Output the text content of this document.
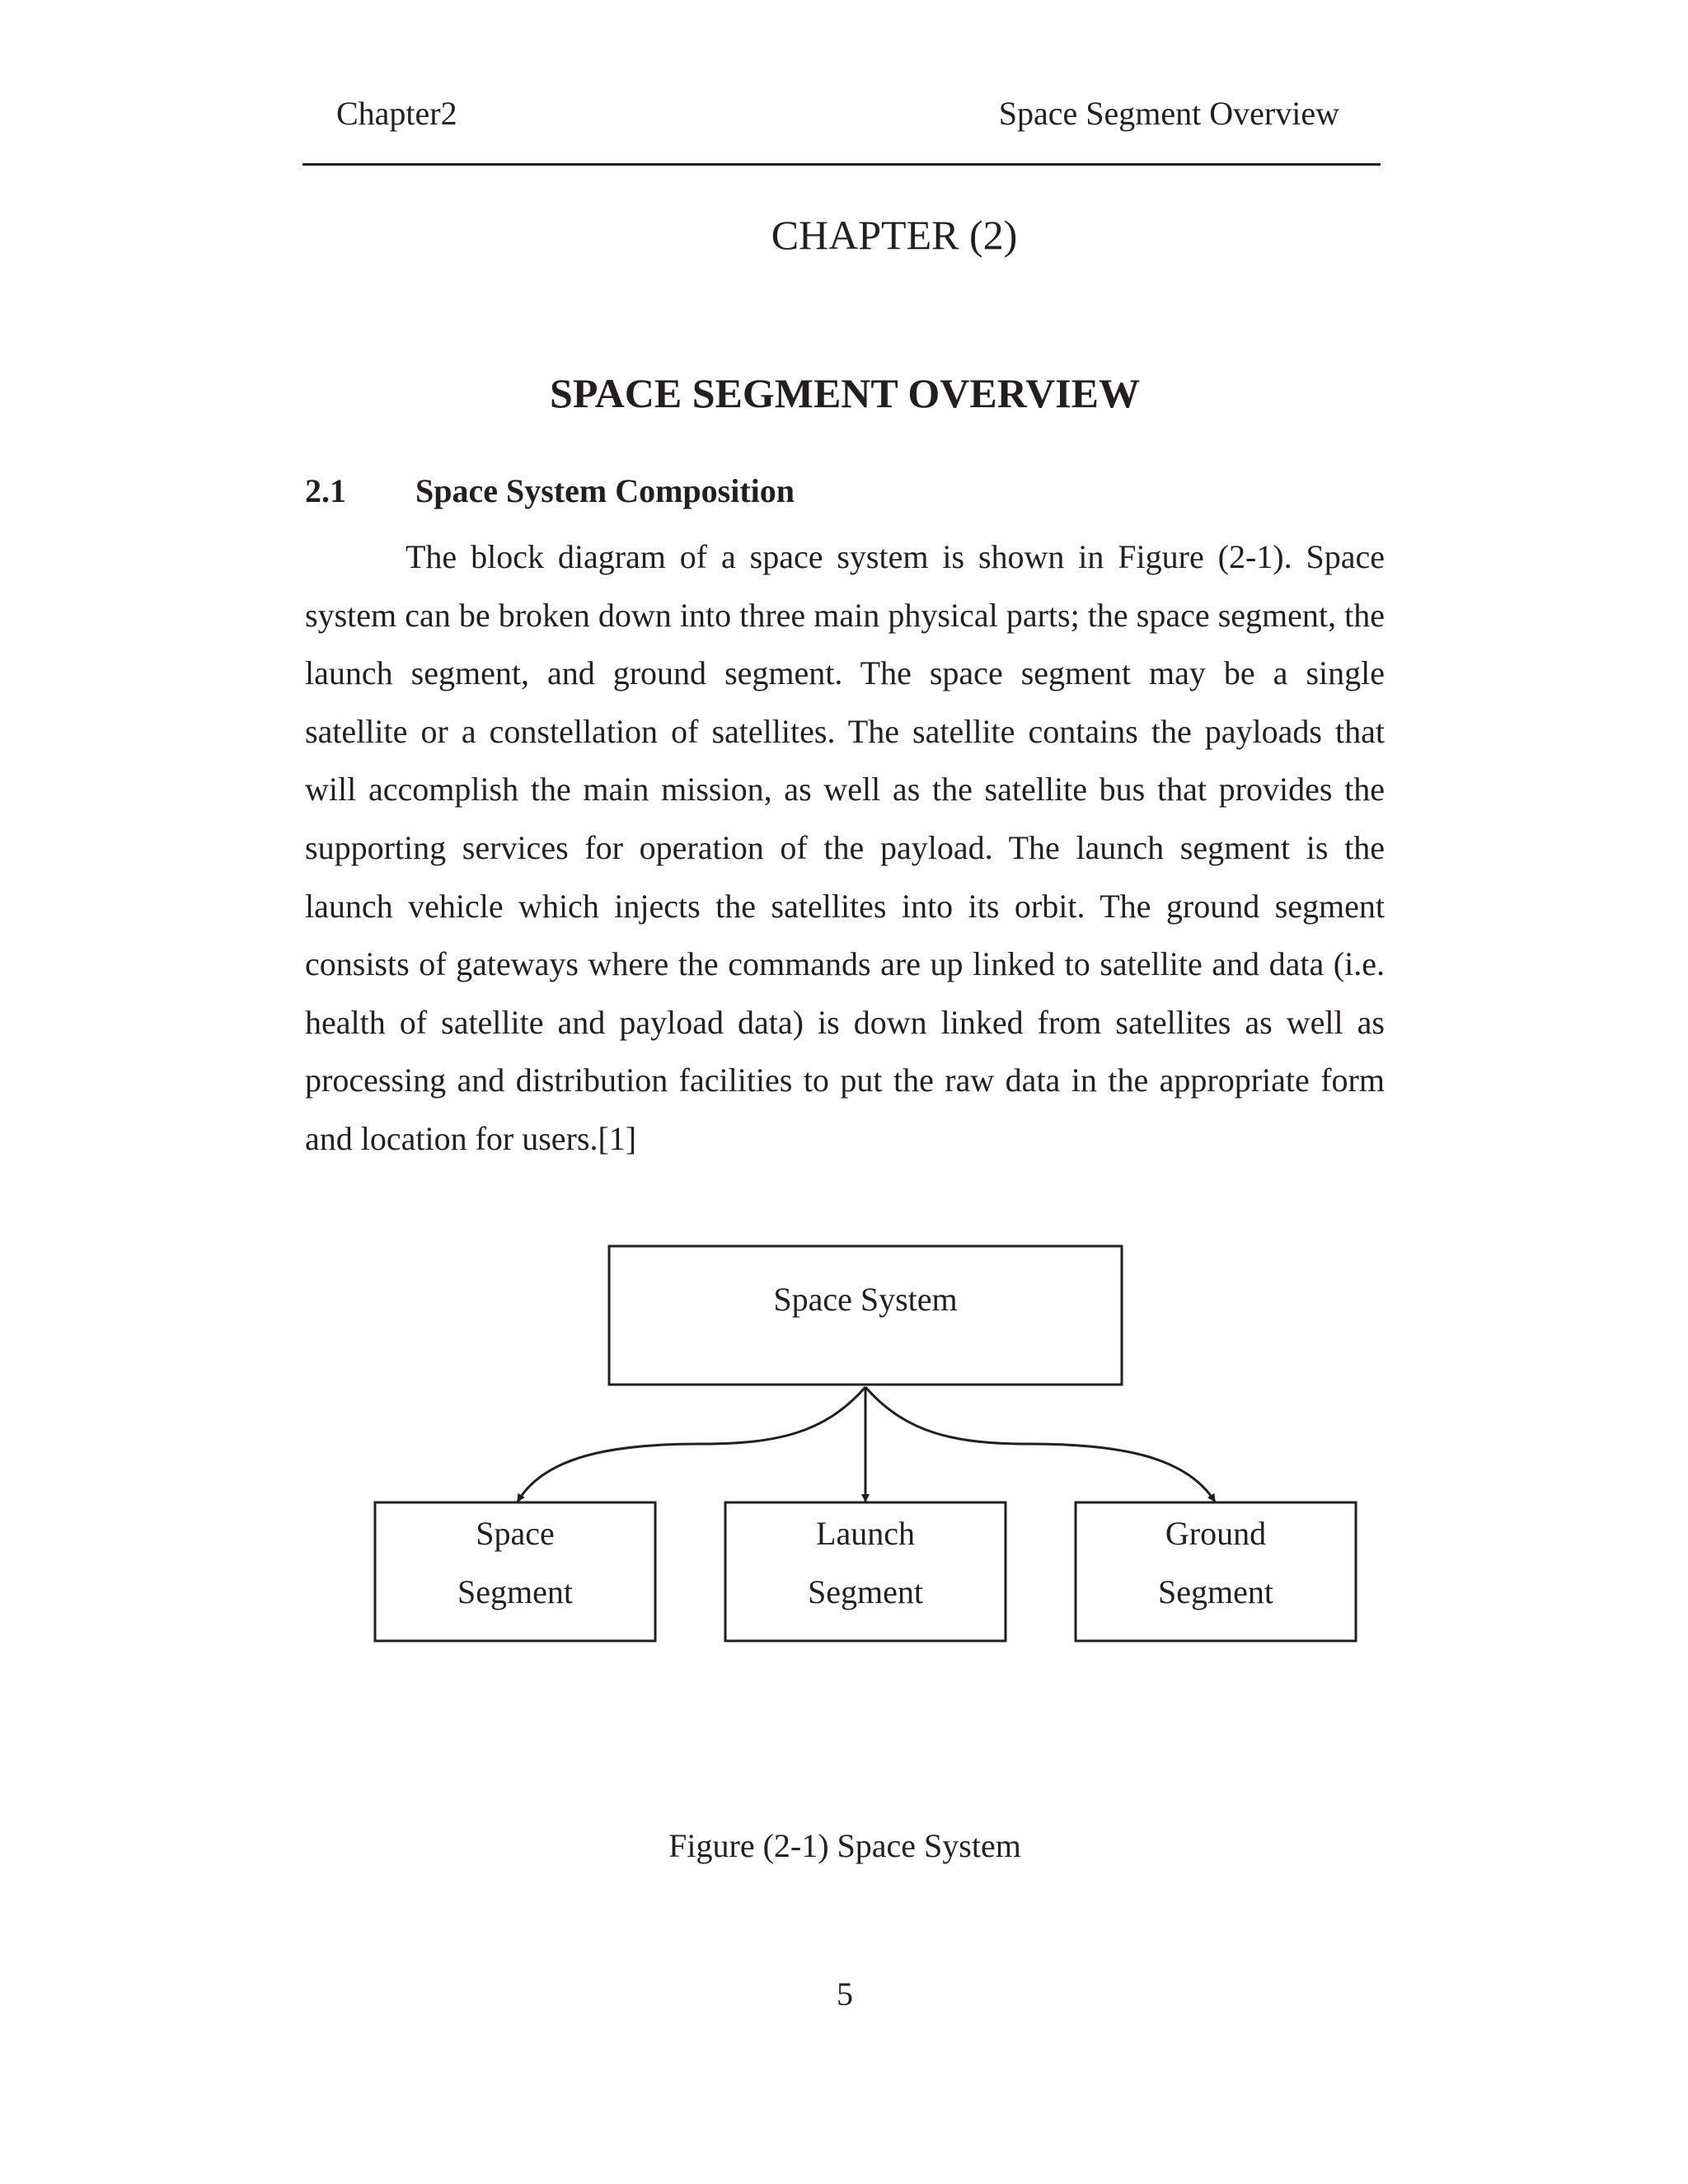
Chapter2	Space Segment Overview
CHAPTER (2)
SPACE SEGMENT OVERVIEW
2.1 Space System Composition

The block diagram of a space system is shown in Figure (2-1). Space system can be broken down into three main physical parts; the space segment, the launch segment, and ground segment. The space segment may be a single satellite or a constellation of satellites. The satellite contains the payloads that will accomplish the main mission, as well as the satellite bus that provides the supporting services for operation of the payload. The launch segment is the launch vehicle which injects the satellites into its orbit. The ground segment consists of gateways where the commands are up linked to satellite and data (i.e. health of satellite and payload data) is down linked from satellites as well as processing and distribution facilities to put the raw data in the appropriate form and location for users.[1]

Space System
Space
Segment
Launch
Segment
Ground
Segment
Figure (2-1) Space System
5
